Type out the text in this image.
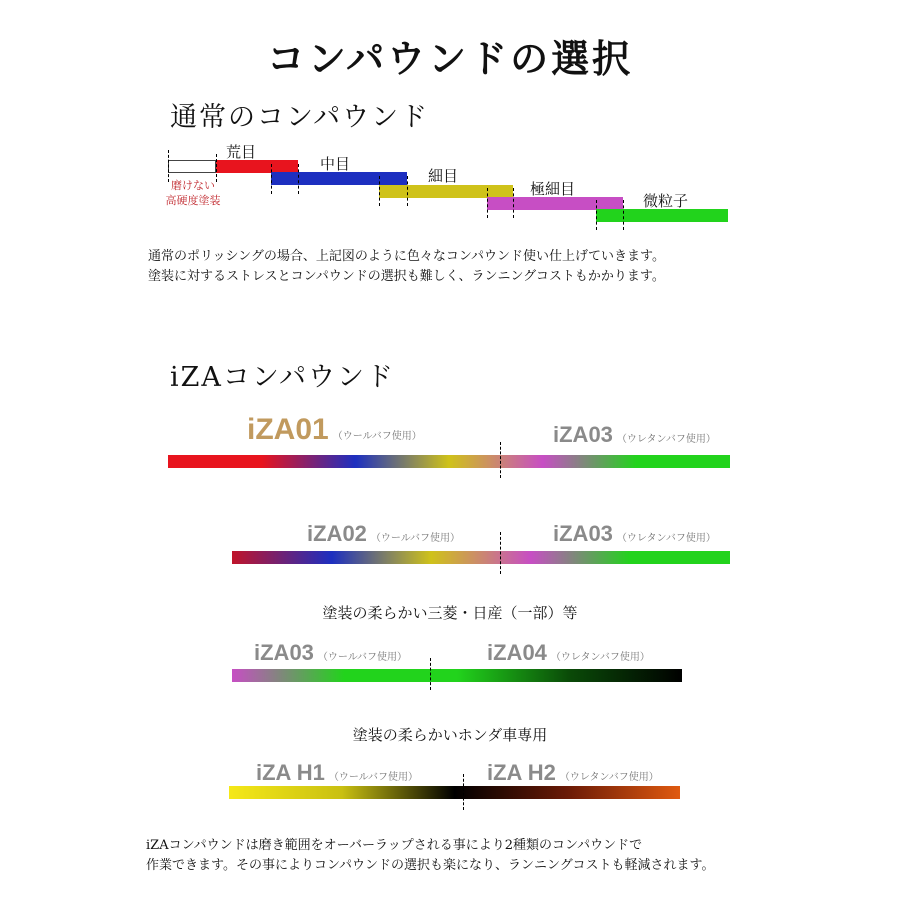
コンパウンドの選択
通常のコンパウンド
荒目
中目
細目
極細目
微粒子
磨けない
高硬度塗装
通常のポリッシングの場合、上記図のように色々なコンパウンド使い仕上げていきます。
塗装に対するストレスとコンパウンドの選択も難しく、ランニングコストもかかります。
iZAコンパウンド
iZA01 （ウールバフ使用）	iZA03 （ウレタンバフ使用）
iZA02 （ウールバフ使用）	iZA03 （ウレタンバフ使用）
塗装の柔らかい三菱・日産（一部）等
iZA03 （ウールバフ使用）	iZA04 （ウレタンバフ使用）
塗装の柔らかいホンダ車専用
iZA H1 （ウールバフ使用）	iZA H2 （ウレタンバフ使用）
iZAコンパウンドは磨き範囲をオーバーラップされる事により2種類のコンパウンドで
作業できます。その事によりコンパウンドの選択も楽になり、ランニングコストも軽減されます。
